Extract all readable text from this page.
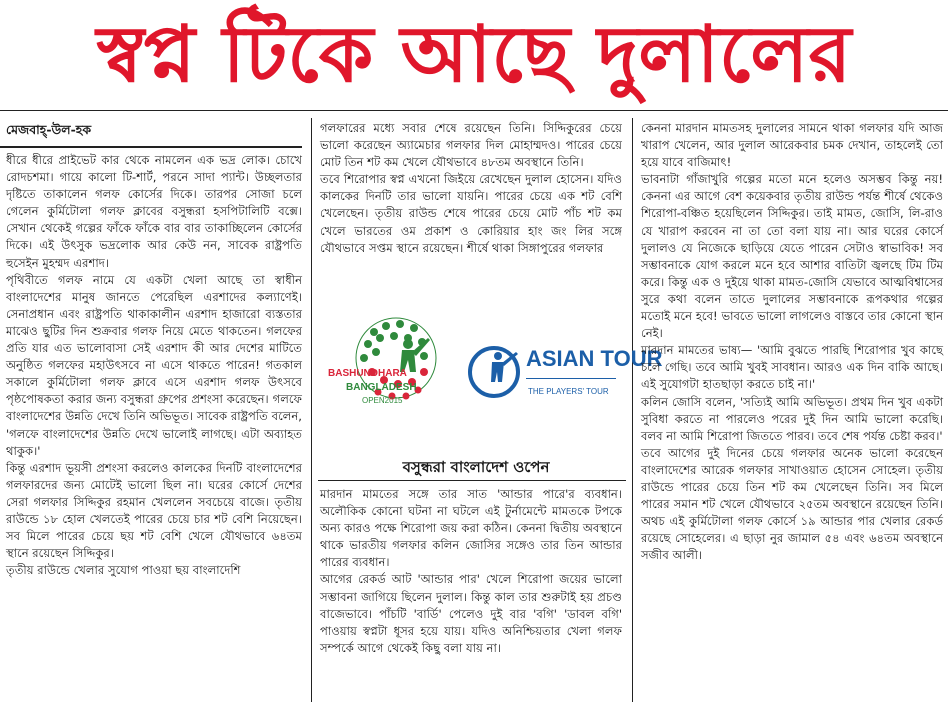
স্বপ্ন টিকে আছে দুলালের
মেজবাহ্-উল-হক

ধীরে ধীরে প্রাইভেট কার থেকে নামলেন এক ভদ্র লোক। চোখে রোদচশমা। গায়ে কালো টি-শার্ট, পরনে সাদা প্যান্ট। উচ্ছলতার দৃষ্টিতে তাকালেন গলফ কোর্সের দিকে। তারপর সোজা চলে গেলেন কুর্মিটোলা গলফ ক্লাবের বসুন্ধরা হসপিটালিটি বক্সে। সেখান থেকেই গল্পের ফাঁকে ফাঁকে বার বার তাকাচ্ছিলেন কোর্সের দিকে। এই উৎসুক ভদ্রলোক আর কেউ নন, সাবেক রাষ্ট্রপতি হুসেইন মুহম্মদ এরশাদ।

পৃথিবীতে গলফ নামে যে একটা খেলা আছে তা স্বাধীন বাংলাদেশের মানুষ জানতে পেরেছিল এরশাদের কল্যাণেই। সেনাপ্রধান এবং রাষ্ট্রপতি থাকাকালীন এরশাদ হাজারো ব্যস্ততার মাঝেও ছুটির দিন শুক্রবার গলফ নিয়ে মেতে থাকতেন। গলফের প্রতি যার এত ভালোবাসা সেই এরশাদ কী আর দেশের মাটিতে অনুষ্ঠিত গলফের মহাউৎসবে না এসে থাকতে পারেন! গতকাল সকালে কুর্মিটোলা গলফ ক্লাবে এসে এরশাদ গলফ উৎসবে পৃষ্ঠপোষকতা করার জন্য বসুন্ধরা গ্রুপের প্রশংসা করেছেন। গলফে বাংলাদেশের উন্নতি দেখে তিনি অভিভূত। সাবেক রাষ্ট্রপতি বলেন, 'গলফে বাংলাদেশের উন্নতি দেখে ভালোই লাগছে। এটা অব্যাহত থাকুক।'

কিন্তু এরশাদ ভূয়সী প্রশংসা করলেও কালকের দিনটি বাংলাদেশের গলফারদের জন্য মোটেই ভালো ছিল না। ঘরের কোর্সে দেশের সেরা গলফার সিদ্দিকুর রহমান খেললেন সবচেয়ে বাজে। তৃতীয় রাউন্ডে ১৮ হোল খেলতেই পারের চেয়ে চার শট বেশি নিয়েছেন। সব মিলে পারের চেয়ে ছয় শট বেশি খেলে যৌথভাবে ৬৪তম স্থানে রয়েছেন সিদ্দিকুর।

তৃতীয় রাউন্ডে খেলার সুযোগ পাওয়া ছয় বাংলাদেশি

গলফারের মধ্যে সবার শেষে রয়েছেন তিনি। সিদ্দিকুরের চেয়ে ভালো করেছেন অ্যামেচার গলফার দিল মোহাম্মদও। পারের চেয়ে মোট তিন শট কম খেলে যৌথভাবে ৪৮তম অবস্থানে তিনি।

তবে শিরোপার স্বপ্ন এখনো জিইয়ে রেখেছেন দুলাল হোসেন। যদিও কালকের দিনটি তার ভালো যায়নি। পারের চেয়ে এক শট বেশি খেলেছেন। তৃতীয় রাউন্ড শেষে পারের চেয়ে মোট পাঁচ শট কম খেলে ভারতের ওম প্রকাশ ও কোরিয়ার হাং জং লির সঙ্গে যৌথভাবে সপ্তম স্থানে রয়েছেন। শীর্ষে থাকা সিঙ্গাপুরের গলফার

BASHUNDHARA
BANGLADESH
OPEN2015
ASIAN TOUR
THE PLAYERS' TOUR
বসুন্ধরা বাংলাদেশ ওপেন

মারদান মামতের সঙ্গে তার সাত 'আন্ডার পারে'র ব্যবধান। অলৌকিক কোনো ঘটনা না ঘটলে এই টুর্নামেন্টে মামতকে টপকে অন্য কারও পক্ষে শিরোপা জয় করা কঠিন। কেননা দ্বিতীয় অবস্থানে থাকে ভারতীয় গলফার কলিন জোসির সঙ্গেও তার তিন আন্ডার পারের ব্যবধান।

আগের রেকর্ড আট 'আন্ডার পার' খেলে শিরোপা জয়ের ভালো সম্ভাবনা জাগিয়ে ছিলেন দুলাল। কিন্তু কাল তার শুরুটাই হয় প্রচণ্ড বাজেভাবে। পাঁচটি 'বার্ডি' পেলেও দুই বার 'বগি' 'ডাবল বগি' পাওয়ায় স্বপ্নটা ধূসর হয়ে যায়। যদিও অনিশ্চিয়তার খেলা গলফ সম্পর্কে আগে থেকেই কিছু বলা যায় না।

কেননা মারদান মামতসহ দুলালের সামনে থাকা গলফার যদি আজ খারাপ খেলেন, আর দুলাল আরেকবার চমক দেখান, তাহলেই তো হয়ে যাবে বাজিমাৎ!

ভাবনাটা গাঁজাখুরি গল্পের মতো মনে হলেও অসম্ভব কিন্তু নয়! কেননা এর আগে বেশ কয়েকবার তৃতীয় রাউন্ড পর্যন্ত শীর্ষে থেকেও শিরোপা-বঞ্চিত হয়েছিলেন সিদ্দিকুর। তাই মামত, জোসি, লি-রাও যে খারাপ করবেন না তা তো বলা যায় না। আর ঘরের কোর্সে দুলালও যে নিজেকে ছাড়িয়ে যেতে পারেন সেটাও স্বাভাবিক! সব সম্ভাবনাকে যোগ করলে মনে হবে আশার বাতিটা জ্বলছে টিম টিম করে। কিন্তু এক ও দুইয়ে থাকা মামত-জোসি যেভাবে আত্মবিশ্বাসের সুরে কথা বলেন তাতে দুলালের সম্ভাবনাকে রূপকথার গল্পের মতোই মনে হবে! ভাবতে ভালো লাগলেও বাস্তবে তার কোনো স্থান নেই।

মারদান মামতের ভাষ্য— 'আমি বুঝতে পারছি শিরোপার খুব কাছে চলে গেছি। তবে আমি খুবই সাবধান। আরও এক দিন বাকি আছে। এই সুযোগটা হাতছাড়া করতে চাই না।'

কলিন জোসি বলেন, 'সত্যিই আমি অভিভূত। প্রথম দিন খুব একটা সুবিধা করতে না পারলেও পরের দুই দিন আমি ভালো করেছি। বলব না আমি শিরোপা জিততে পারব। তবে শেষ পর্যন্ত চেষ্টা করব।'

তবে আগের দুই দিনের চেয়ে গলফার অনেক ভালো করেছেন বাংলাদেশের আরেক গলফার সাখাওয়াত হোসেন সোহেল। তৃতীয় রাউন্ডে পারের চেয়ে তিন শট কম খেলেছেন তিনি। সব মিলে পারের সমান শট খেলে যৌথভাবে ২৫তম অবস্থানে রয়েছেন তিনি। অথচ এই কুর্মিটোলা গলফ কোর্সে ১৯ আন্ডার পার খেলার রেকর্ড রয়েছে সোহেলের। এ ছাড়া নুর জামাল ৫৪ এবং ৬৪তম অবস্থানে সজীব আলী।
